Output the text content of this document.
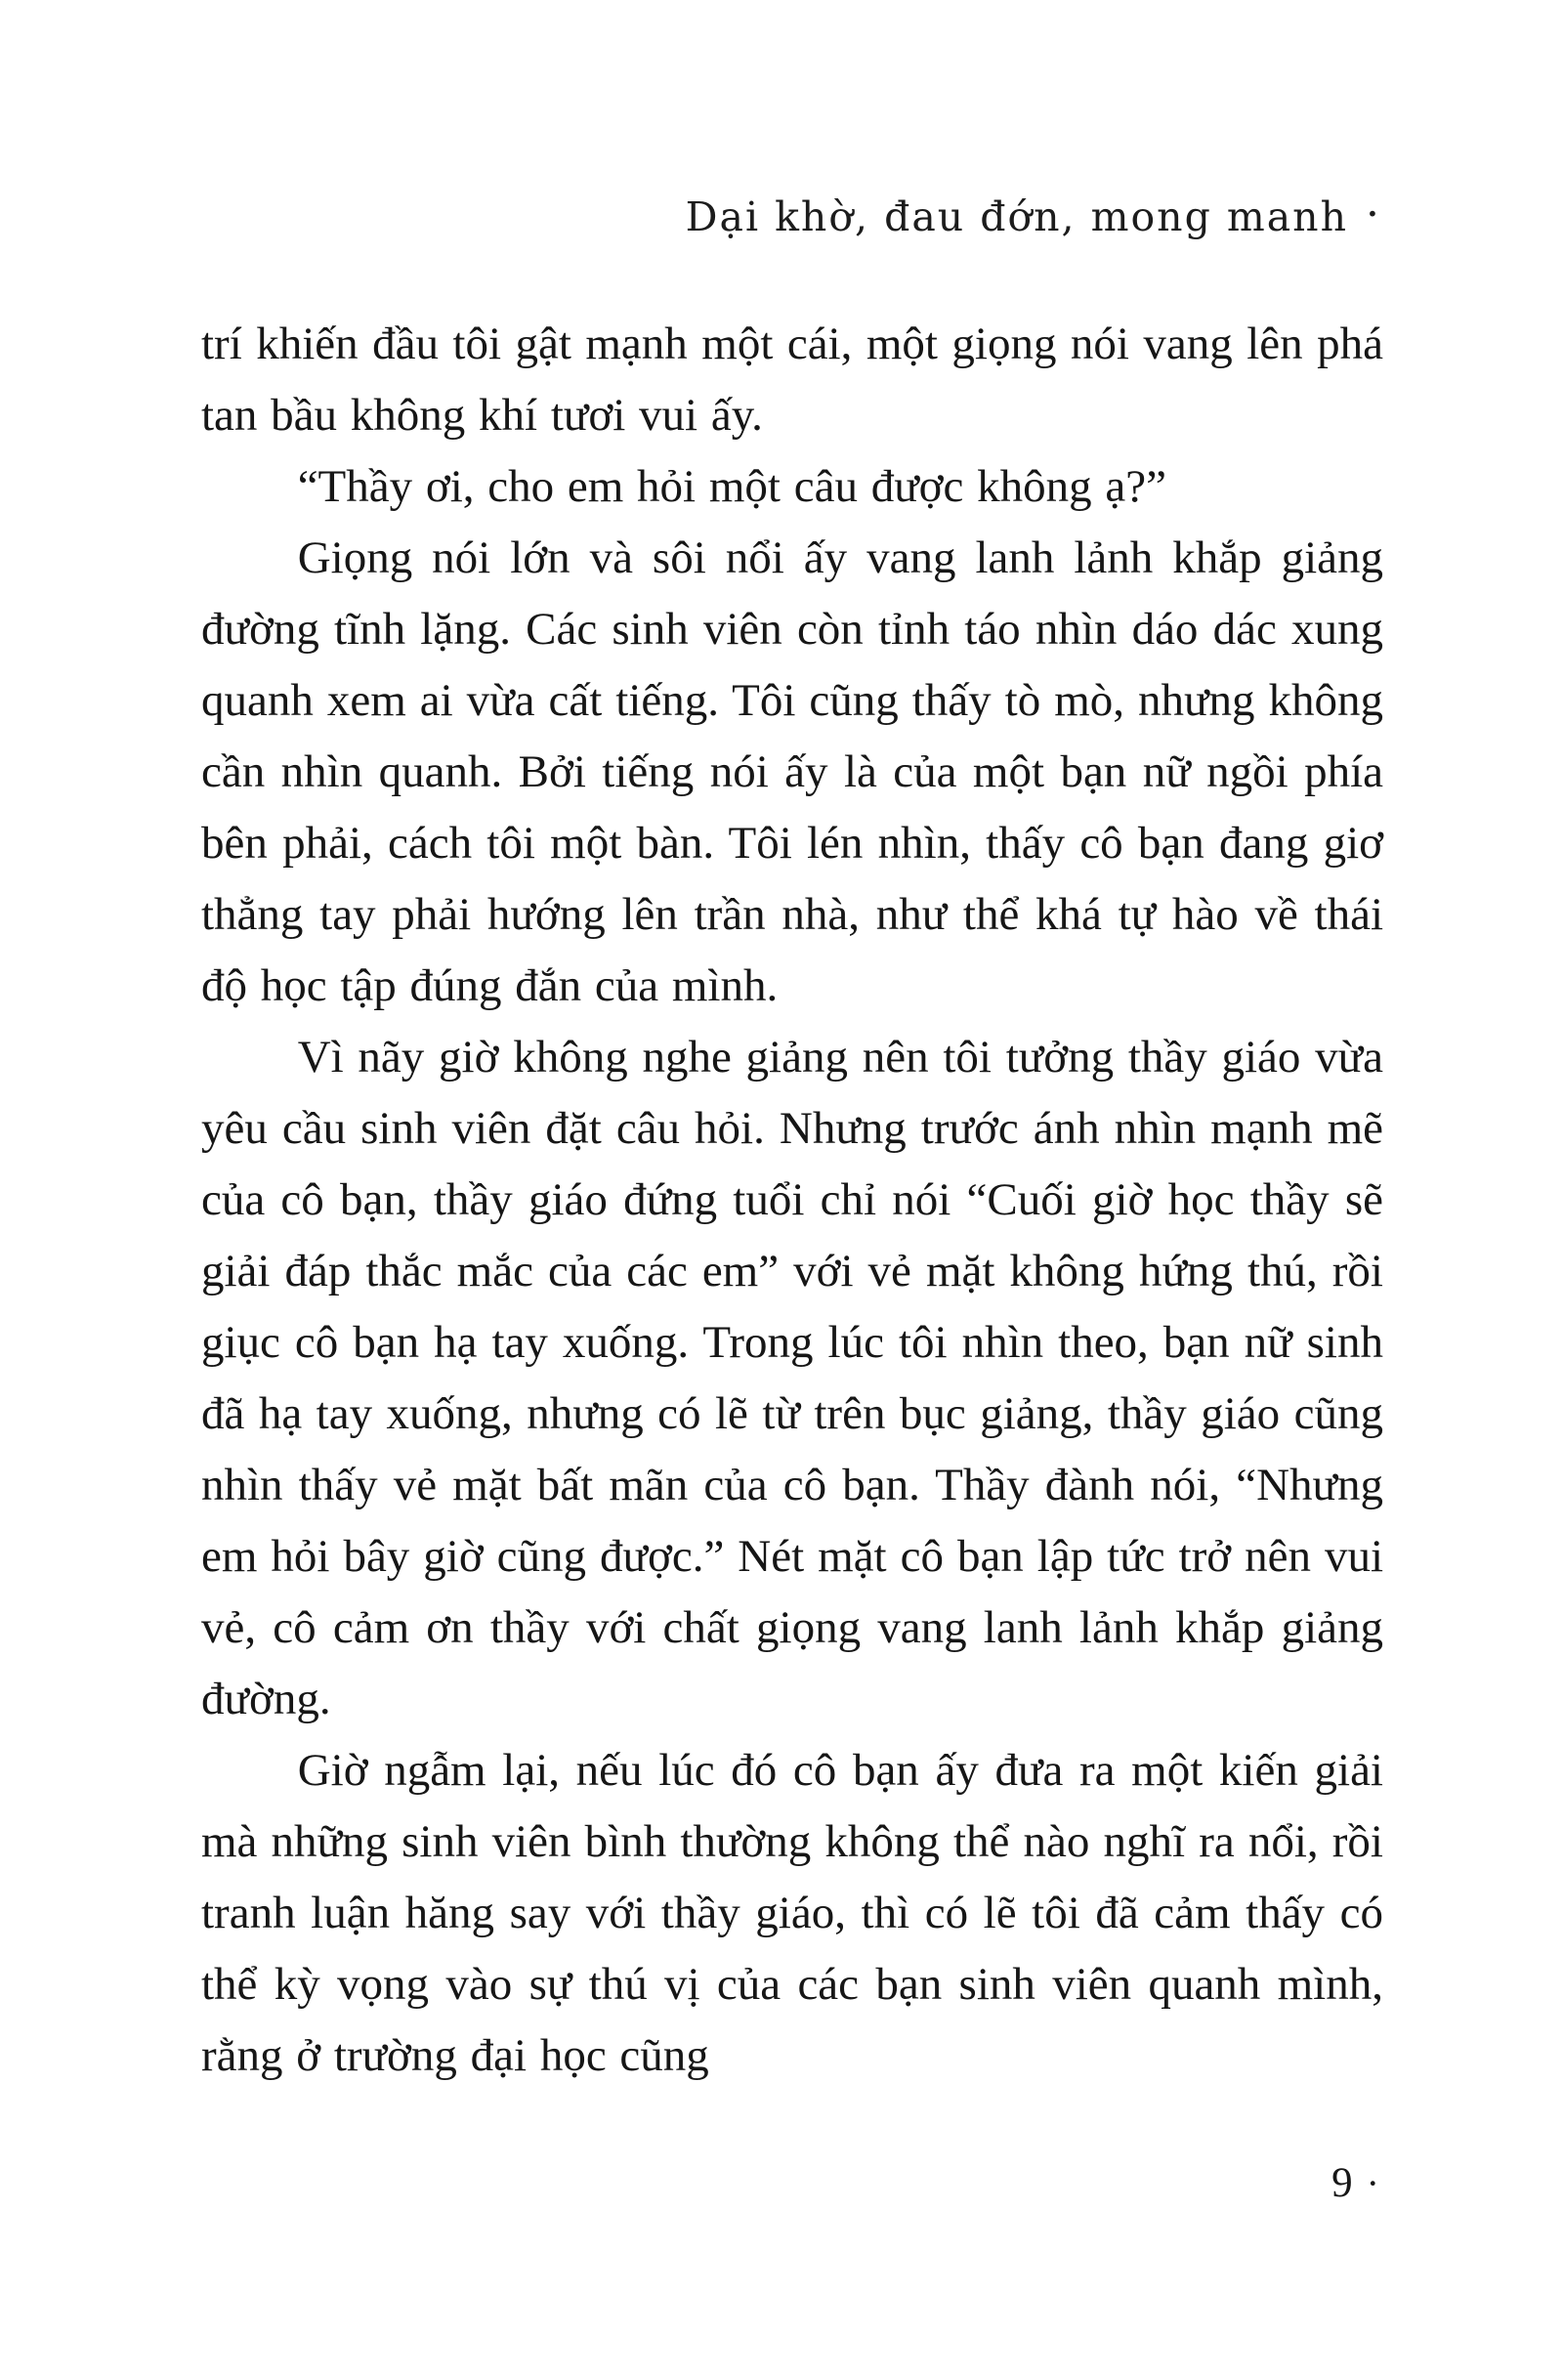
Dại khờ, đau đớn, mong manh ·

trí khiến đầu tôi gật mạnh một cái, một giọng nói vang lên phá tan bầu không khí tươi vui ấy.

“Thầy ơi, cho em hỏi một câu được không ạ?”

Giọng nói lớn và sôi nổi ấy vang lanh lảnh khắp giảng đường tĩnh lặng. Các sinh viên còn tỉnh táo nhìn dáo dác xung quanh xem ai vừa cất tiếng. Tôi cũng thấy tò mò, nhưng không cần nhìn quanh. Bởi tiếng nói ấy là của một bạn nữ ngồi phía bên phải, cách tôi một bàn. Tôi lén nhìn, thấy cô bạn đang giơ thẳng tay phải hướng lên trần nhà, như thể khá tự hào về thái độ học tập đúng đắn của mình.

Vì nãy giờ không nghe giảng nên tôi tưởng thầy giáo vừa yêu cầu sinh viên đặt câu hỏi. Nhưng trước ánh nhìn mạnh mẽ của cô bạn, thầy giáo đứng tuổi chỉ nói “Cuối giờ học thầy sẽ giải đáp thắc mắc của các em” với vẻ mặt không hứng thú, rồi giục cô bạn hạ tay xuống. Trong lúc tôi nhìn theo, bạn nữ sinh đã hạ tay xuống, nhưng có lẽ từ trên bục giảng, thầy giáo cũng nhìn thấy vẻ mặt bất mãn của cô bạn. Thầy đành nói, “Nhưng em hỏi bây giờ cũng được.” Nét mặt cô bạn lập tức trở nên vui vẻ, cô cảm ơn thầy với chất giọng vang lanh lảnh khắp giảng đường.

Giờ ngẫm lại, nếu lúc đó cô bạn ấy đưa ra một kiến giải mà những sinh viên bình thường không thể nào nghĩ ra nổi, rồi tranh luận hăng say với thầy giáo, thì có lẽ tôi đã cảm thấy có thể kỳ vọng vào sự thú vị của các bạn sinh viên quanh mình, rằng ở trường đại học cũng

9 ·
